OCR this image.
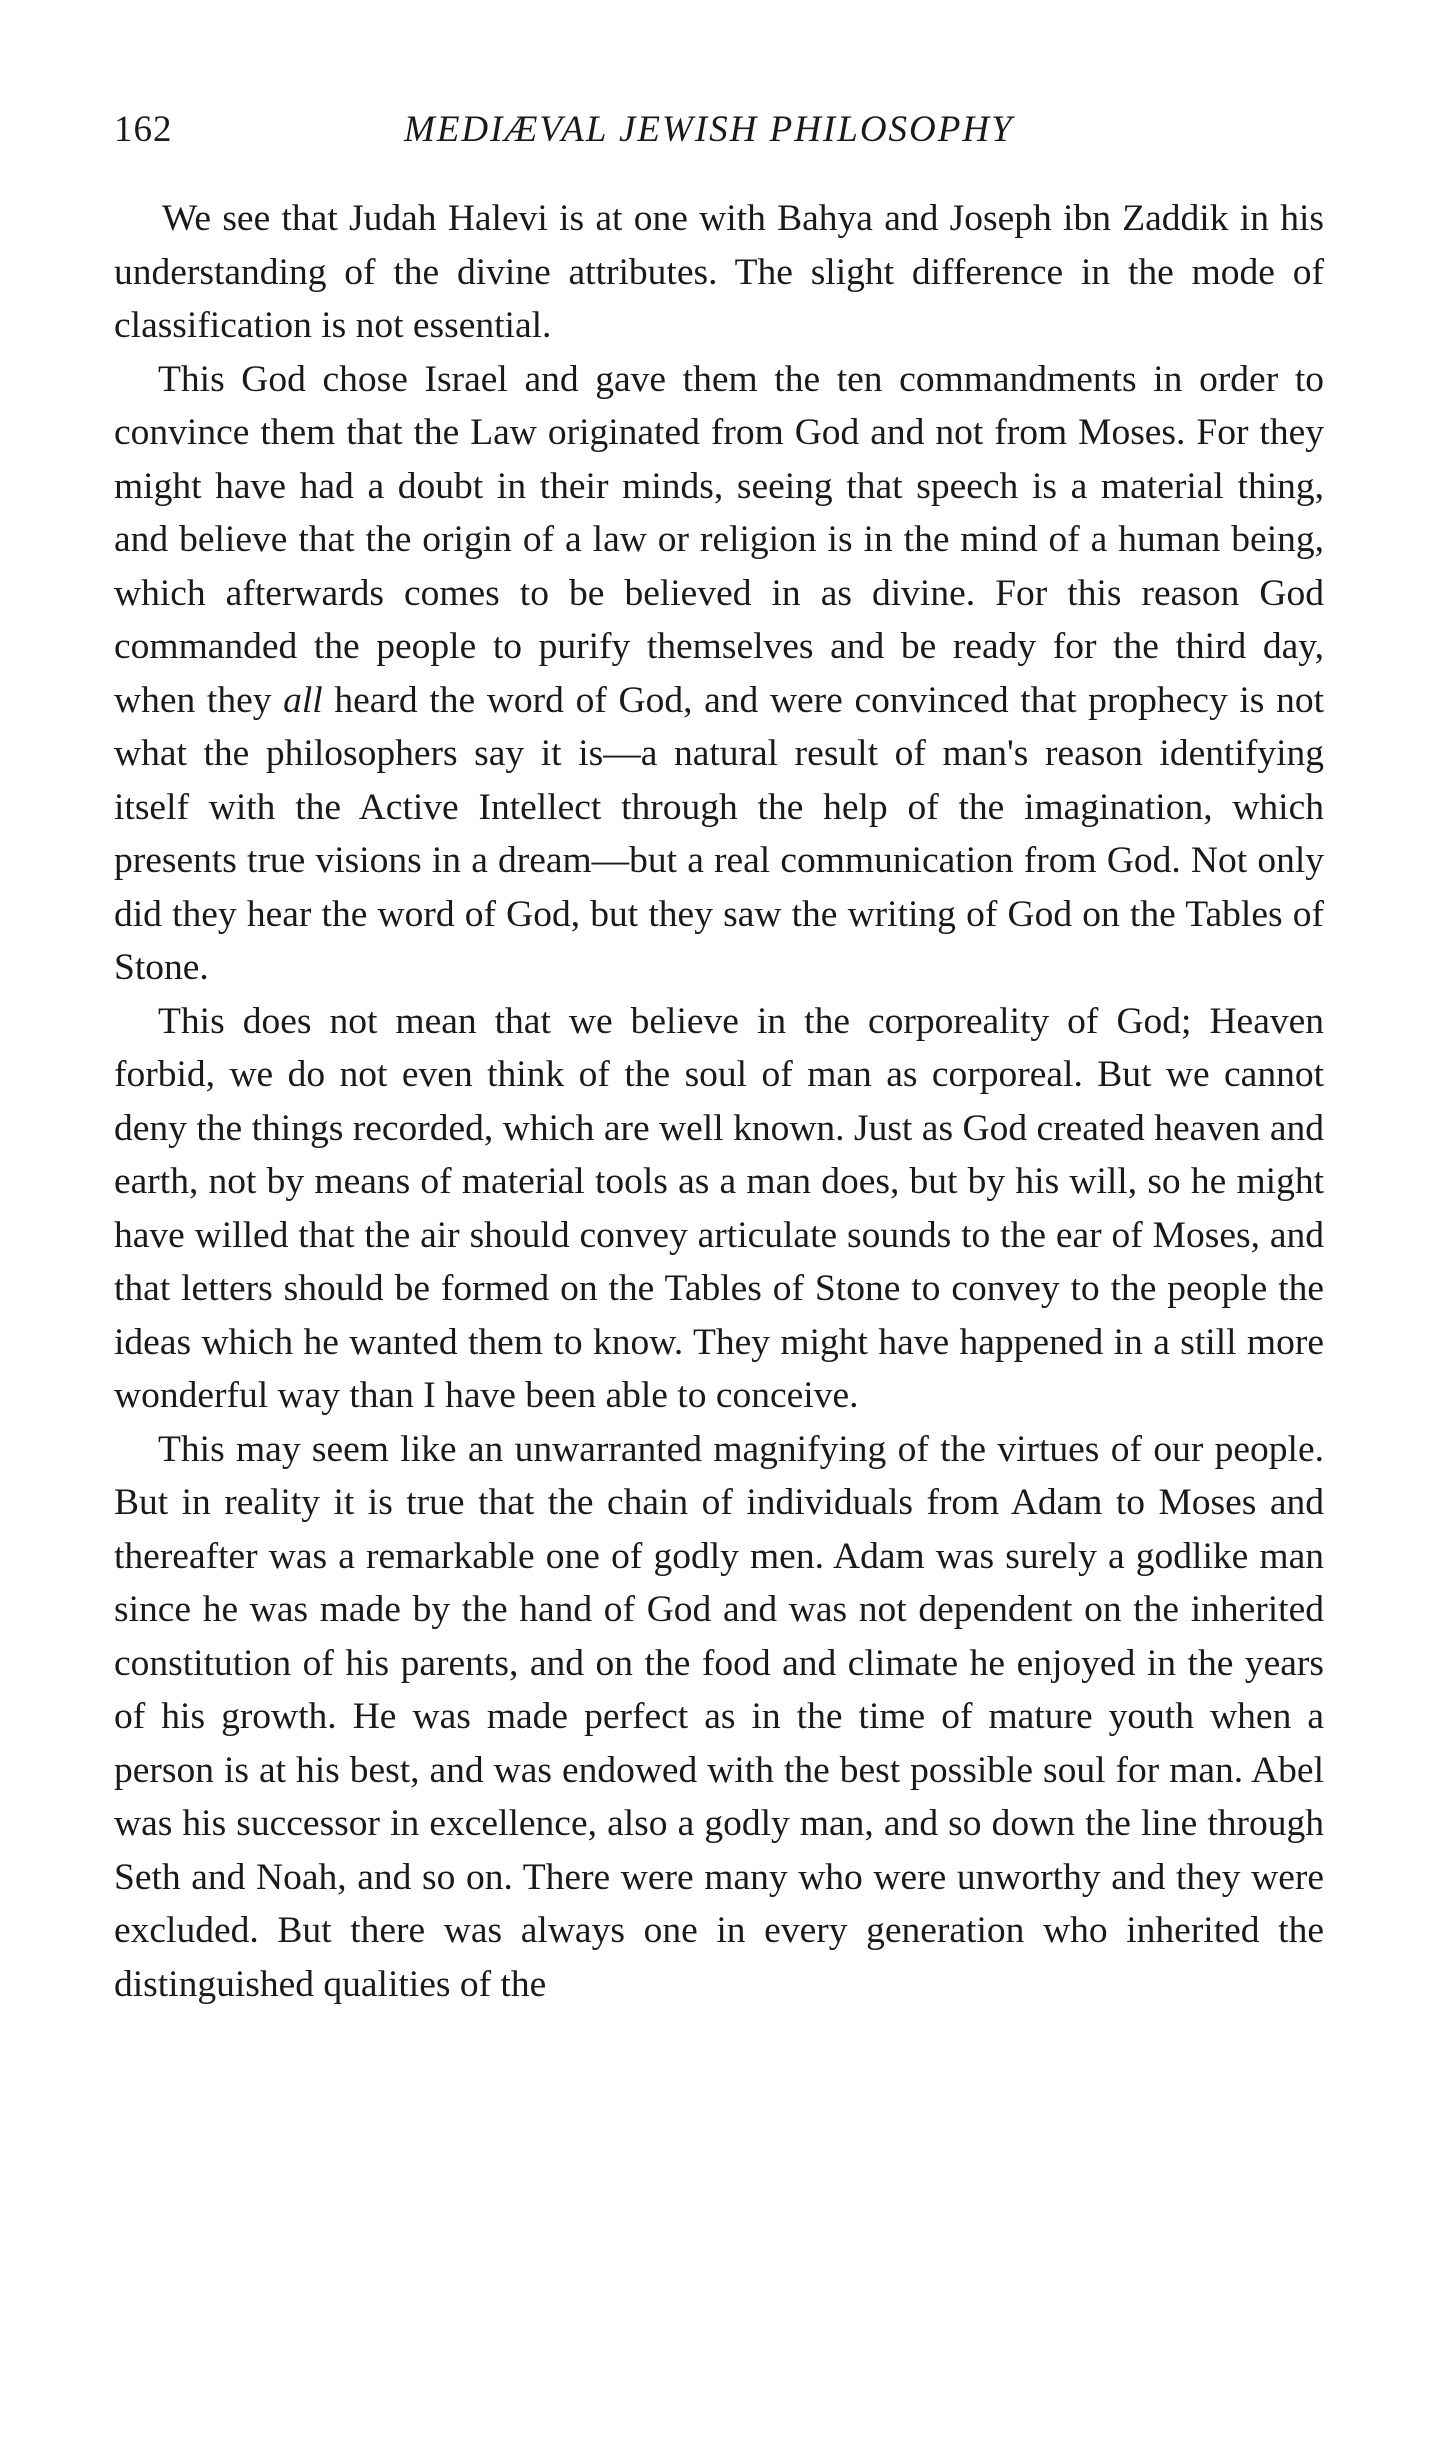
162	MEDIÆVAL JEWISH PHILOSOPHY

We see that Judah Halevi is at one with Bahya and Joseph ibn Zaddik in his understanding of the divine attributes. The slight difference in the mode of classification is not essential.

This God chose Israel and gave them the ten commandments in order to convince them that the Law originated from God and not from Moses. For they might have had a doubt in their minds, seeing that speech is a material thing, and believe that the origin of a law or religion is in the mind of a human being, which afterwards comes to be believed in as divine. For this reason God commanded the people to purify themselves and be ready for the third day, when they all heard the word of God, and were convinced that prophecy is not what the philosophers say it is—a natural result of man's reason identifying itself with the Active Intellect through the help of the imagination, which presents true visions in a dream—but a real communication from God. Not only did they hear the word of God, but they saw the writing of God on the Tables of Stone.

This does not mean that we believe in the corporeality of God; Heaven forbid, we do not even think of the soul of man as corporeal. But we cannot deny the things recorded, which are well known. Just as God created heaven and earth, not by means of material tools as a man does, but by his will, so he might have willed that the air should convey articulate sounds to the ear of Moses, and that letters should be formed on the Tables of Stone to convey to the people the ideas which he wanted them to know. They might have happened in a still more wonderful way than I have been able to conceive.

This may seem like an unwarranted magnifying of the virtues of our people. But in reality it is true that the chain of individuals from Adam to Moses and thereafter was a remarkable one of godly men. Adam was surely a godlike man since he was made by the hand of God and was not dependent on the inherited constitution of his parents, and on the food and climate he enjoyed in the years of his growth. He was made perfect as in the time of mature youth when a person is at his best, and was endowed with the best possible soul for man. Abel was his successor in excellence, also a godly man, and so down the line through Seth and Noah, and so on. There were many who were unworthy and they were excluded. But there was always one in every generation who inherited the distinguished qualities of the
